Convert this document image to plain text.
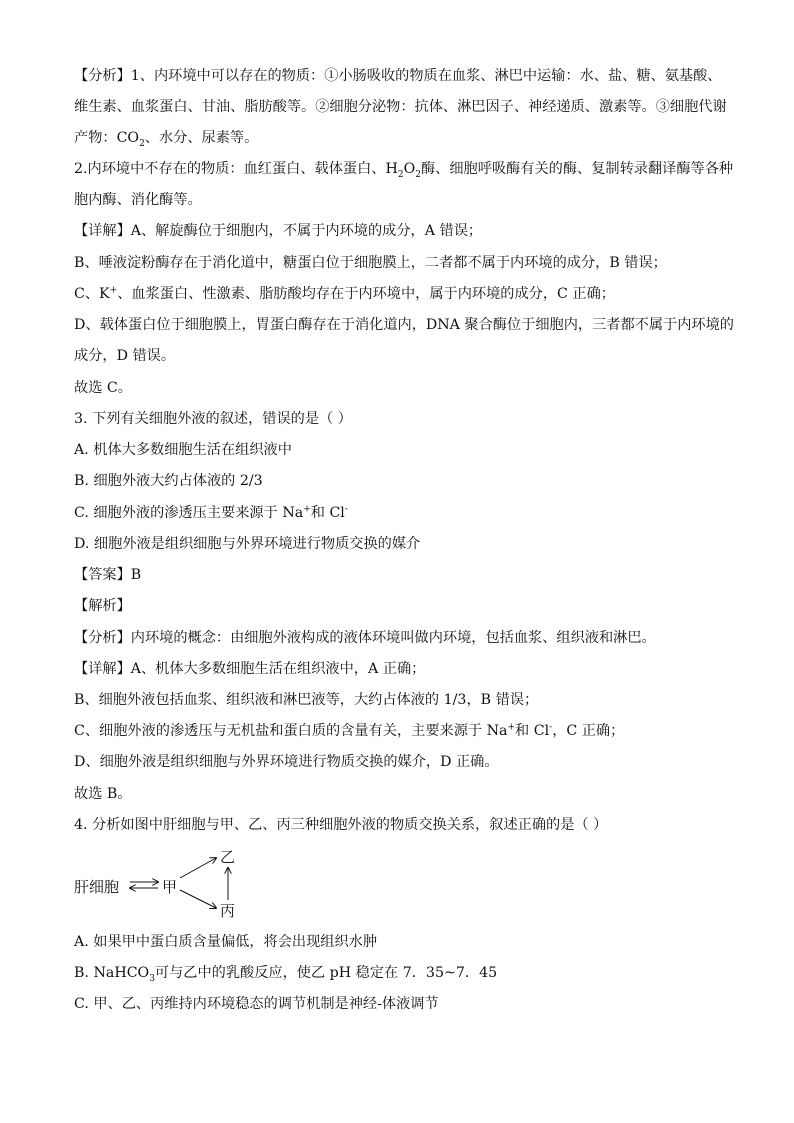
【分析】1、内环境中可以存在的物质：①小肠吸收的物质在血浆、淋巴中运输：水、盐、糖、氨基酸、
维生素、血浆蛋白、甘油、脂肪酸等。②细胞分泌物：抗体、淋巴因子、神经递质、激素等。③细胞代谢
产物：$CO_2$、水分、尿素等。
2.内环境中不存在的物质：血红蛋白、载体蛋白、$H_2O_2$酶、细胞呼吸酶有关的酶、复制转录翻译酶等各种
胞内酶、消化酶等。
【详解】A、解旋酶位于细胞内，不属于内环境的成分，A 错误；
B、唾液淀粉酶存在于消化道中，糖蛋白位于细胞膜上，二者都不属于内环境的成分，B 错误；
C、K+、血浆蛋白、性激素、脂肪酸均存在于内环境中，属于内环境的成分，C 正确；
D、载体蛋白位于细胞膜上，胃蛋白酶存在于消化道内，DNA 聚合酶位于细胞内，三者都不属于内环境的
成分，D 错误。
故选 C。
3. 下列有关细胞外液的叙述，错误的是（ ）
A. 机体大多数细胞生活在组织液中
B. 细胞外液大约占体液的 2/3
C. 细胞外液的渗透压主要来源于 Na+和 Cl-
D. 细胞外液是组织细胞与外界环境进行物质交换的媒介
【答案】B
【解析】
【分析】内环境的概念：由细胞外液构成的液体环境叫做内环境，包括血浆、组织液和淋巴。
【详解】A、机体大多数细胞生活在组织液中，A 正确；
B、细胞外液包括血浆、组织液和淋巴液等，大约占体液的 1/3，B 错误；
C、细胞外液的渗透压与无机盐和蛋白质的含量有关，主要来源于 Na+和 Cl-，C 正确；
D、细胞外液是组织细胞与外界环境进行物质交换的媒介，D 正确。
故选 B。
4. 分析如图中肝细胞与甲、乙、丙三种细胞外液的物质交换关系，叙述正确的是（ ）
肝细胞	甲
乙
丙
A. 如果甲中蛋白质含量偏低，将会出现组织水肿
B. NaHCO$_3$可与乙中的乳酸反应，使乙 pH 稳定在 7．35~7．45
C. 甲、乙、丙维持内环境稳态的调节机制是神经-体液调节
